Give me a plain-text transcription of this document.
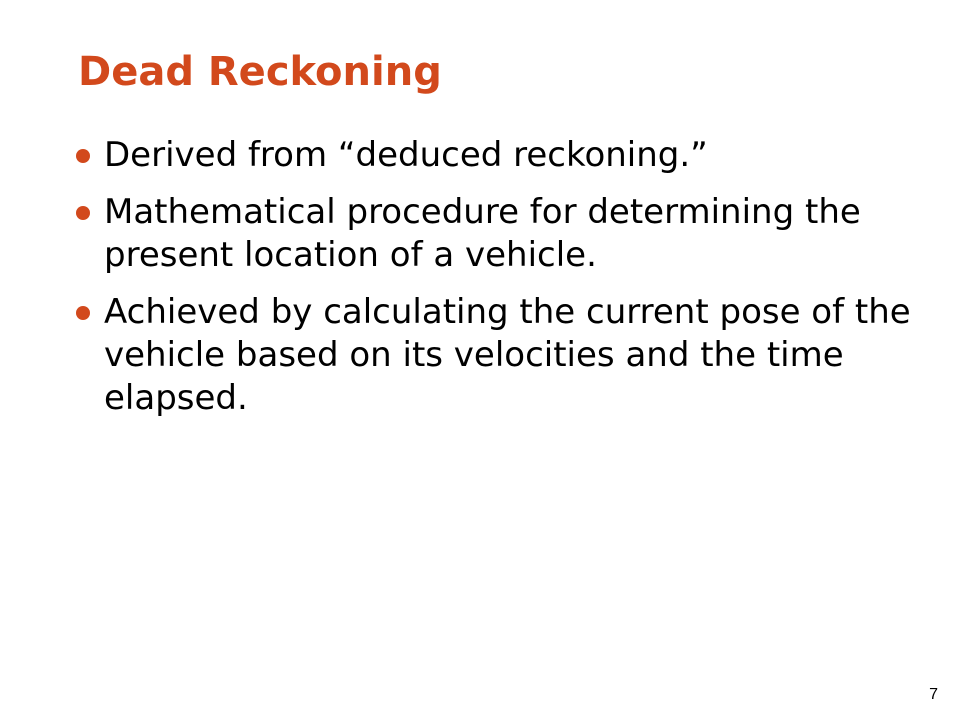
Dead Reckoning
Derived from “deduced reckoning.”
Mathematical procedure for determining the present location of a vehicle.
Achieved by calculating the current pose of the vehicle based on its velocities and the time elapsed.
7
